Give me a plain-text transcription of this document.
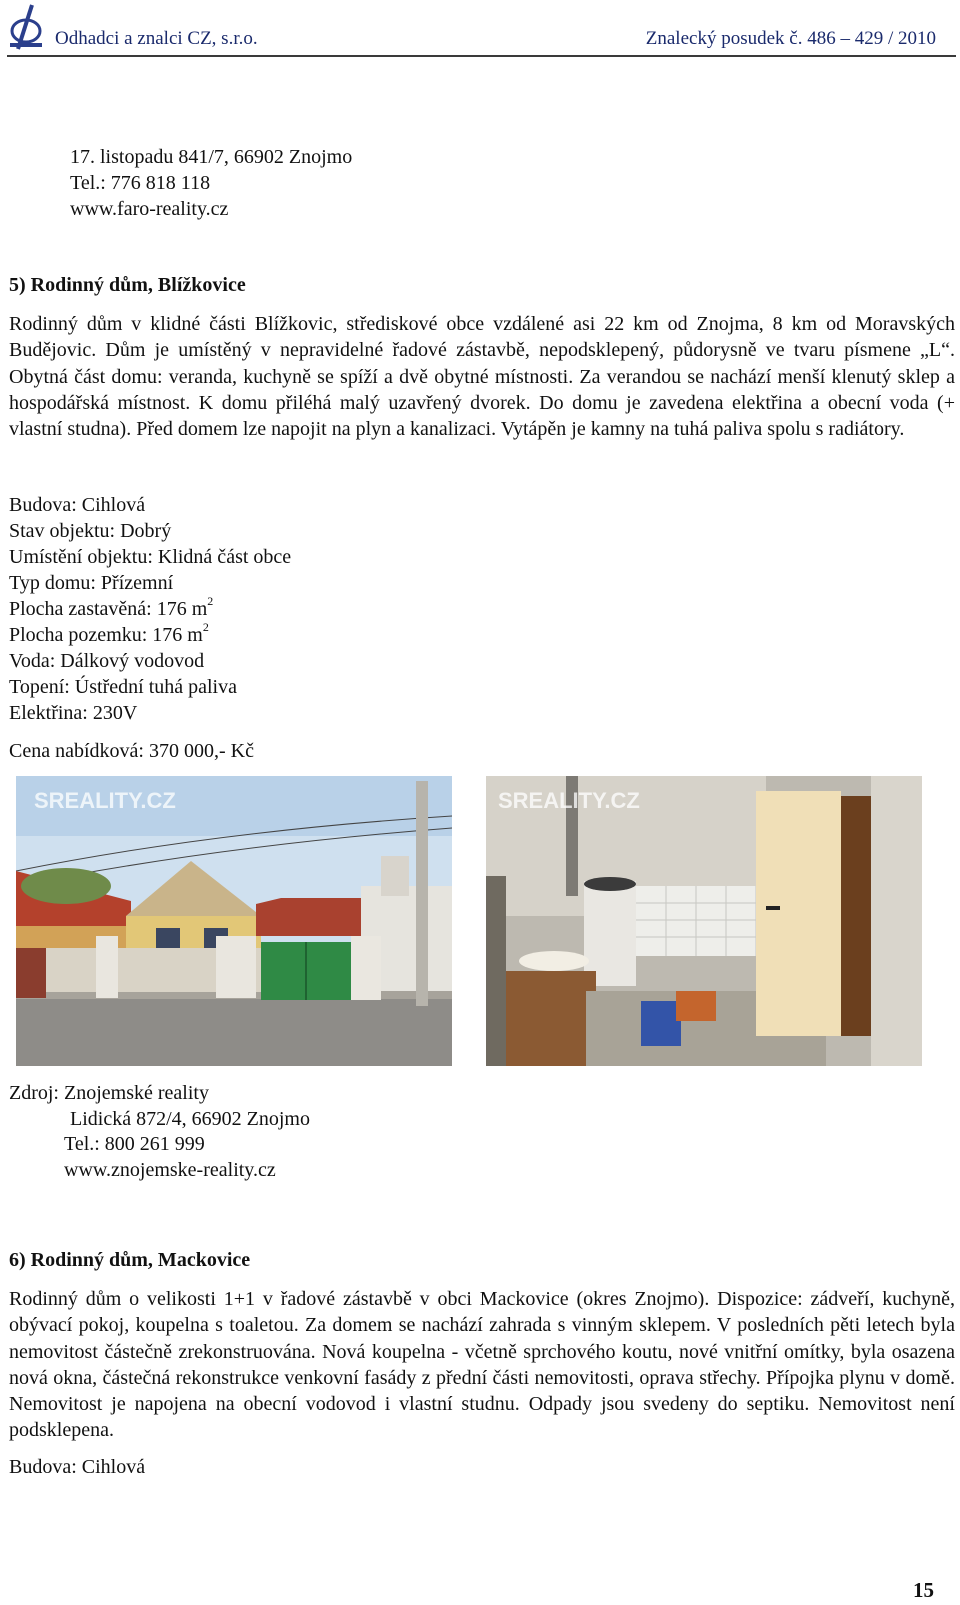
Odhadci a znalci CZ, s.r.o.	Znalecký posudek č. 486 – 429 / 2010
17. listopadu 841/7, 66902 Znojmo
Tel.: 776 818 118
www.faro-reality.cz
5) Rodinný dům, Blížkovice
Rodinný dům v klidné části Blížkovic, střediskové obce vzdálené asi 22 km od Znojma, 8 km od Moravských Budějovic. Dům je umístěný v nepravidelné řadové zástavbě, nepodsklepený, půdorysně ve tvaru písmene „L“. Obytná část domu: veranda, kuchyně se spíží a dvě obytné místnosti. Za verandou se nachází menší klenutý sklep a hospodářská místnost. K domu přiléhá malý uzavřený dvorek. Do domu je zavedena elektřina a obecní voda (+ vlastní studna). Před domem lze napojit na plyn a kanalizaci. Vytápěn je kamny na tuhá paliva spolu s radiátory.
Budova: Cihlová
Stav objektu: Dobrý
Umístění objektu: Klidná část obce
Typ domu: Přízemní
Plocha zastavěná: 176 $m^2$
Plocha pozemku: 176 $m^2$
Voda: Dálkový vodovod
Topení: Ústřední tuhá paliva
Elektřina: 230V
Cena nabídková: 370 000,- Kč
SREALITY.CZ	SREALITY.CZ
Zdroj: Znojemské reality
Lidická 872/4, 66902 Znojmo
Tel.: 800 261 999
www.znojemske-reality.cz
6) Rodinný dům, Mackovice
Rodinný dům o velikosti 1+1 v řadové zástavbě v obci Mackovice (okres Znojmo). Dispozice: zádveří, kuchyně, obývací pokoj, koupelna s toaletou. Za domem se nachází zahrada s vinným sklepem. V posledních pěti letech byla nemovitost částečně zrekonstruována. Nová koupelna - včetně sprchového koutu, nové vnitřní omítky, byla osazena nová okna, částečná rekonstrukce venkovní fasády z přední části nemovitosti, oprava střechy. Přípojka plynu v domě. Nemovitost je napojena na obecní vodovod i vlastní studnu. Odpady jsou svedeny do septiku. Nemovitost není podsklepena.
Budova: Cihlová
15
